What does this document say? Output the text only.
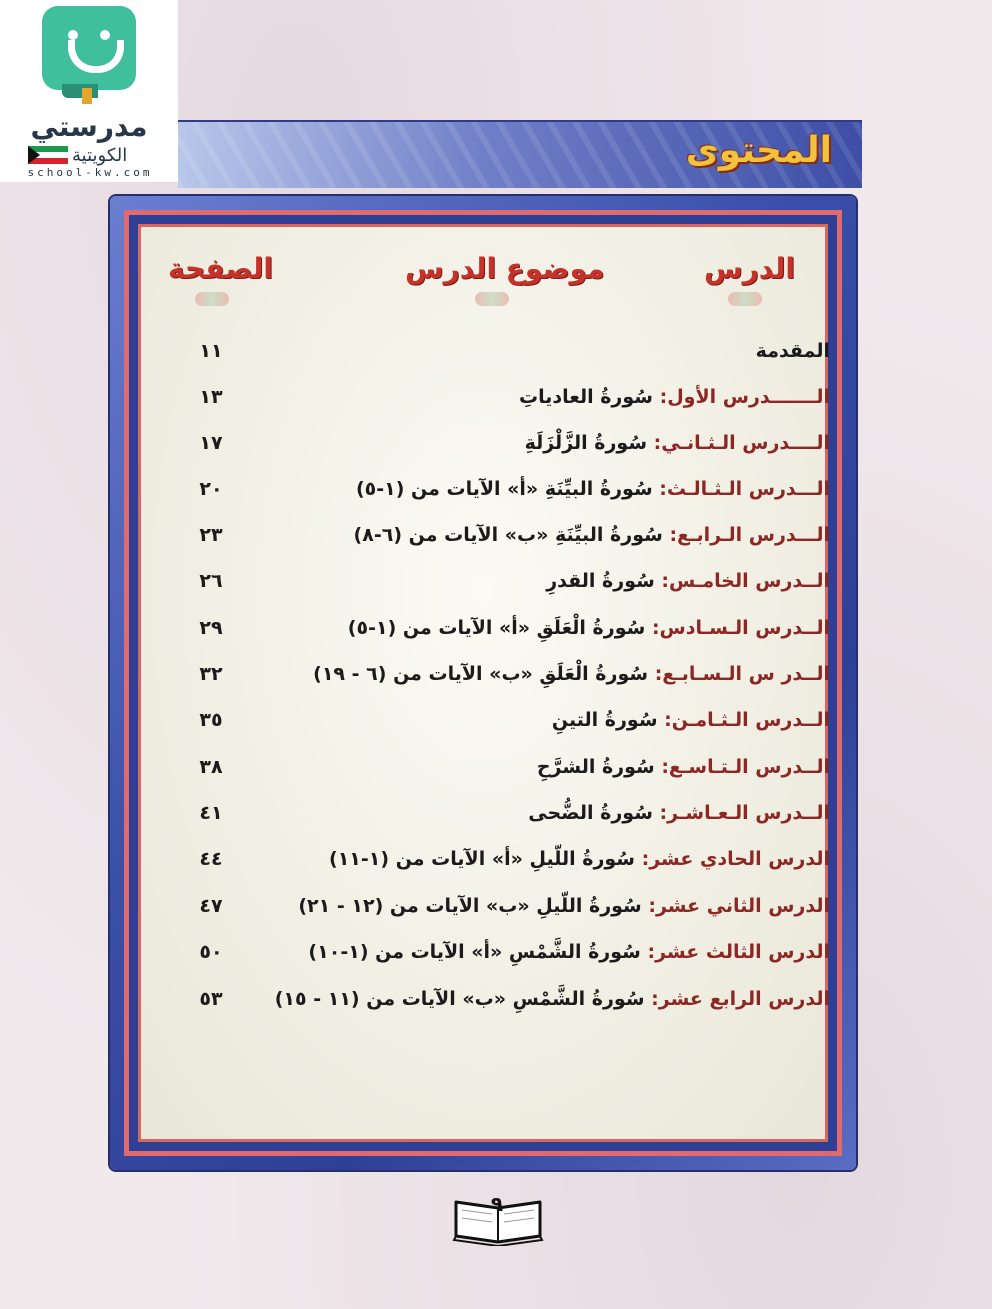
مدرستي
الكويتية
school-kw.com
المحتوى
الدرس
موضوع الدرس
الصفحة
المقدمة
١١
الـــــــدرس الأول: سُورةُ العادياتِ
١٣
الــــدرس الـثـانـي: سُورةُ الزَّلْزَلَةِ
١٧
الـــدرس الـثـالـث: سُورةُ البيِّنَةِ «أ» الآيات من (١-٥)
٢٠
الـــدرس الـرابـع: سُورةُ البيِّنَةِ «ب» الآيات من (٦-٨)
٢٣
الــدرس الخامـس: سُورةُ القدرِ
٢٦
الــدرس الـسـادس: سُورةُ الْعَلَقِ «أ» الآيات من (١-٥)
٢٩
الــدر س الـسـابـع: سُورةُ الْعَلَقِ «ب» الآيات من (٦ - ١٩)
٣٢
الــدرس الـثـامـن: سُورةُ التينِ
٣٥
الــدرس الـتـاسـع: سُورةُ الشرَّحِ
٣٨
الــدرس الـعـاشـر: سُورةُ الضُّحى
٤١
الدرس الحادي عشر: سُورةُ اللّيلِ «أ» الآيات من (١-١١)
٤٤
الدرس الثاني عشر: سُورةُ اللّيلِ «ب» الآيات من (١٢ - ٢١)
٤٧
الدرس الثالث عشر: سُورةُ الشَّمْسِ «أ» الآيات من (١-١٠)
٥٠
الدرس الرابع عشر: سُورةُ الشَّمْسِ «ب» الآيات من (١١ - ١٥)
٥٣
٩
